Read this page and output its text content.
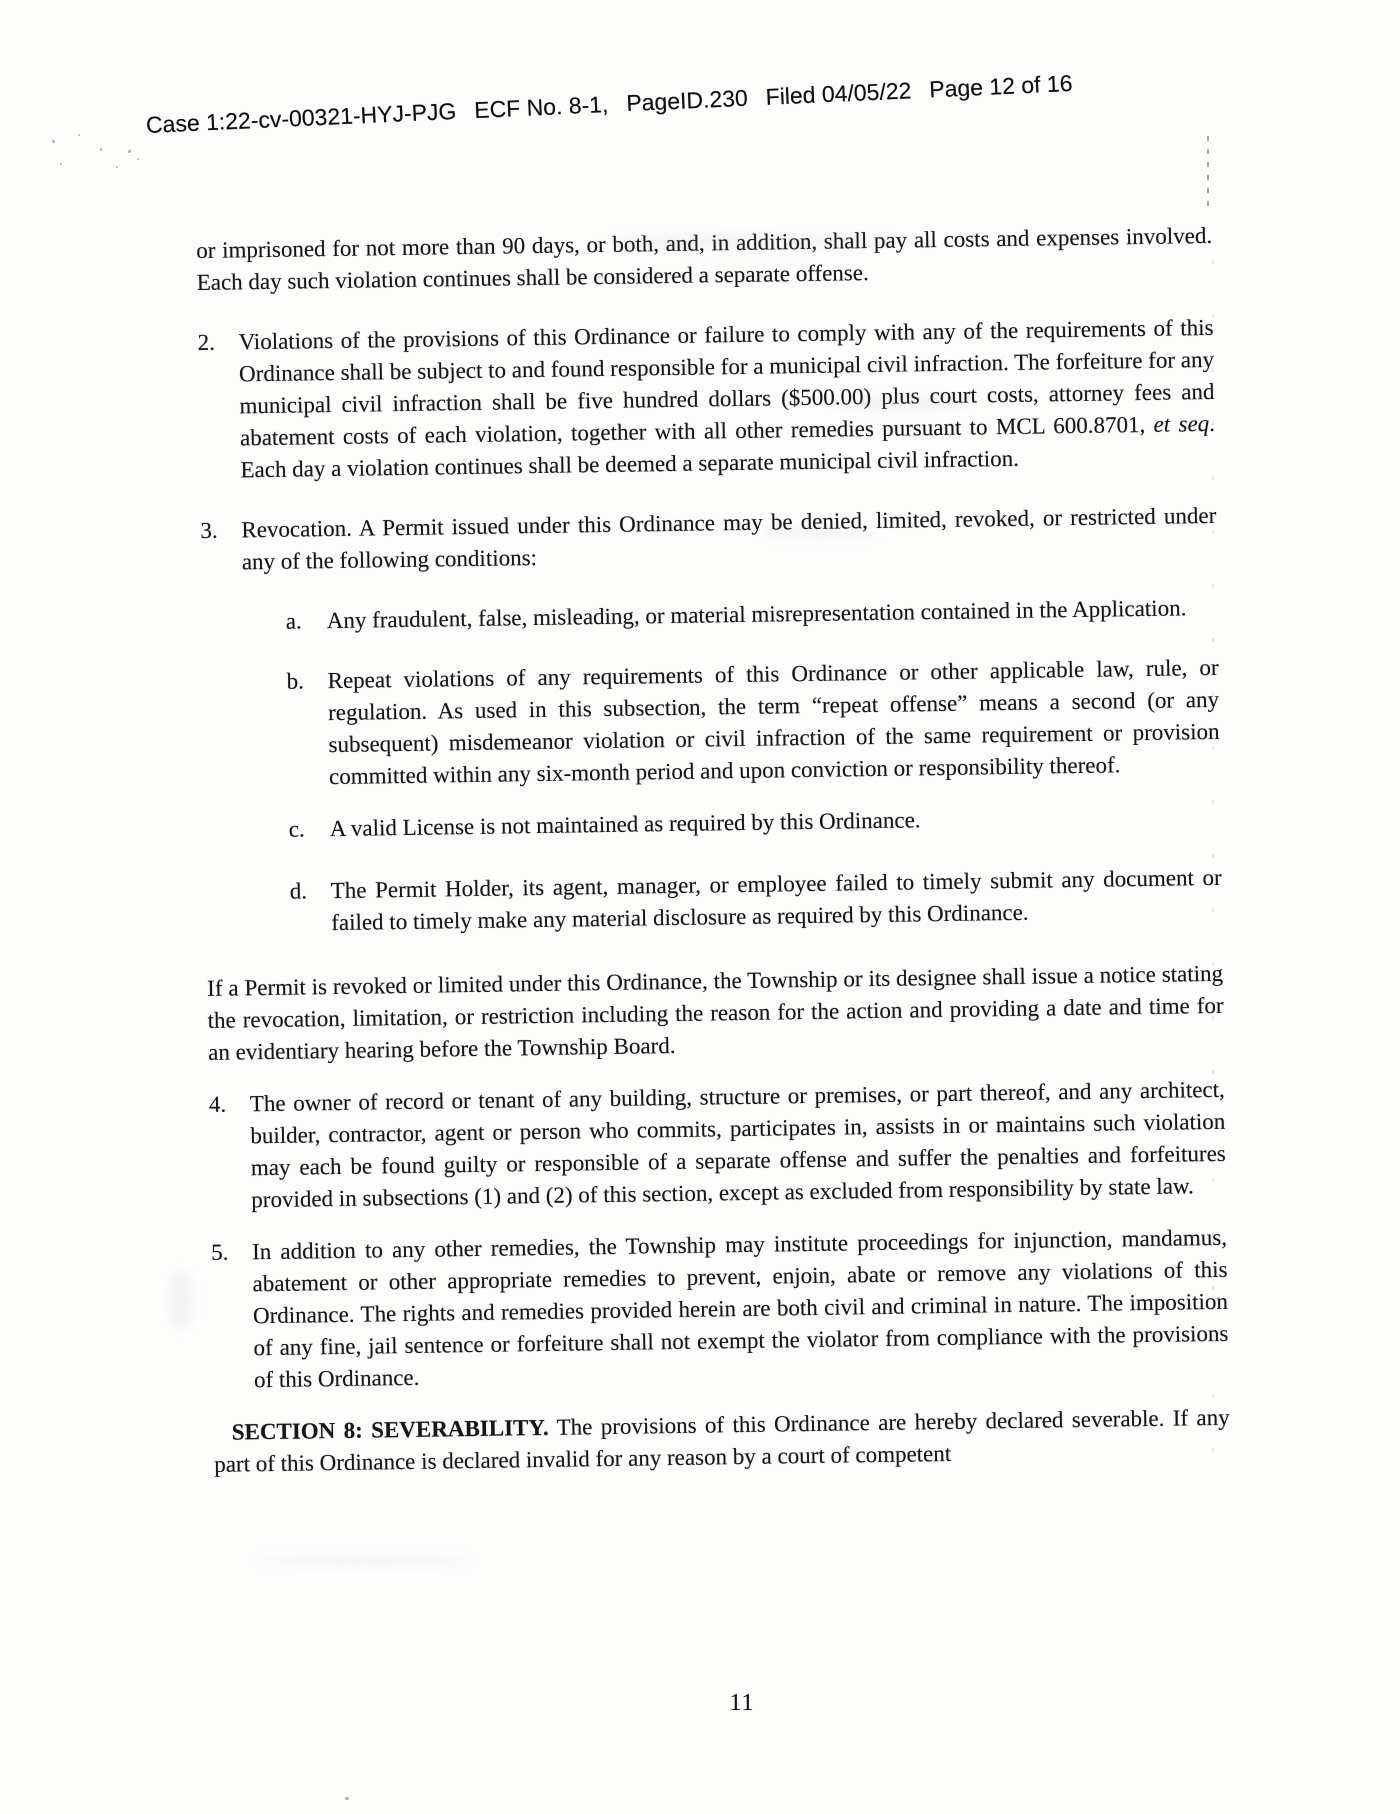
Case 1:22-cv-00321-HYJ-PJG ECF No. 8-1, PageID.230 Filed 04/05/22 Page 12 of 16

or imprisoned for not more than 90 days, or both, and, in addition, shall pay all costs and expenses involved. Each day such violation continues shall be considered a separate offense.

2.	Violations of the provisions of this Ordinance or failure to comply with any of the requirements of this Ordinance shall be subject to and found responsible for a municipal civil infraction. The forfeiture for any municipal civil infraction shall be five hundred dollars ($500.00) plus court costs, attorney fees and abatement costs of each violation, together with all other remedies pursuant to MCL 600.8701, et seq. Each day a violation continues shall be deemed a separate municipal civil infraction.
3.	Revocation. A Permit issued under this Ordinance may be denied, limited, revoked, or restricted under any of the following conditions:
a.	Any fraudulent, false, misleading, or material misrepresentation contained in the Application.
b.	Repeat violations of any requirements of this Ordinance or other applicable law, rule, or regulation. As used in this subsection, the term “repeat offense” means a second (or any subsequent) misdemeanor violation or civil infraction of the same requirement or provision committed within any six-month period and upon conviction or responsibility thereof.
c.	A valid License is not maintained as required by this Ordinance.
d.	The Permit Holder, its agent, manager, or employee failed to timely submit any document or failed to timely make any material disclosure as required by this Ordinance.

If a Permit is revoked or limited under this Ordinance, the Township or its designee shall issue a notice stating the revocation, limitation, or restriction including the reason for the action and providing a date and time for an evidentiary hearing before the Township Board.

4.	The owner of record or tenant of any building, structure or premises, or part thereof, and any architect, builder, contractor, agent or person who commits, participates in, assists in or maintains such violation may each be found guilty or responsible of a separate offense and suffer the penalties and forfeitures provided in subsections (1) and (2) of this section, except as excluded from responsibility by state law.
5.	In addition to any other remedies, the Township may institute proceedings for injunction, mandamus, abatement or other appropriate remedies to prevent, enjoin, abate or remove any violations of this Ordinance. The rights and remedies provided herein are both civil and criminal in nature. The imposition of any fine, jail sentence or forfeiture shall not exempt the violator from compliance with the provisions of this Ordinance.

SECTION 8: SEVERABILITY. The provisions of this Ordinance are hereby declared severable. If any part of this Ordinance is declared invalid for any reason by a court of competent

11
